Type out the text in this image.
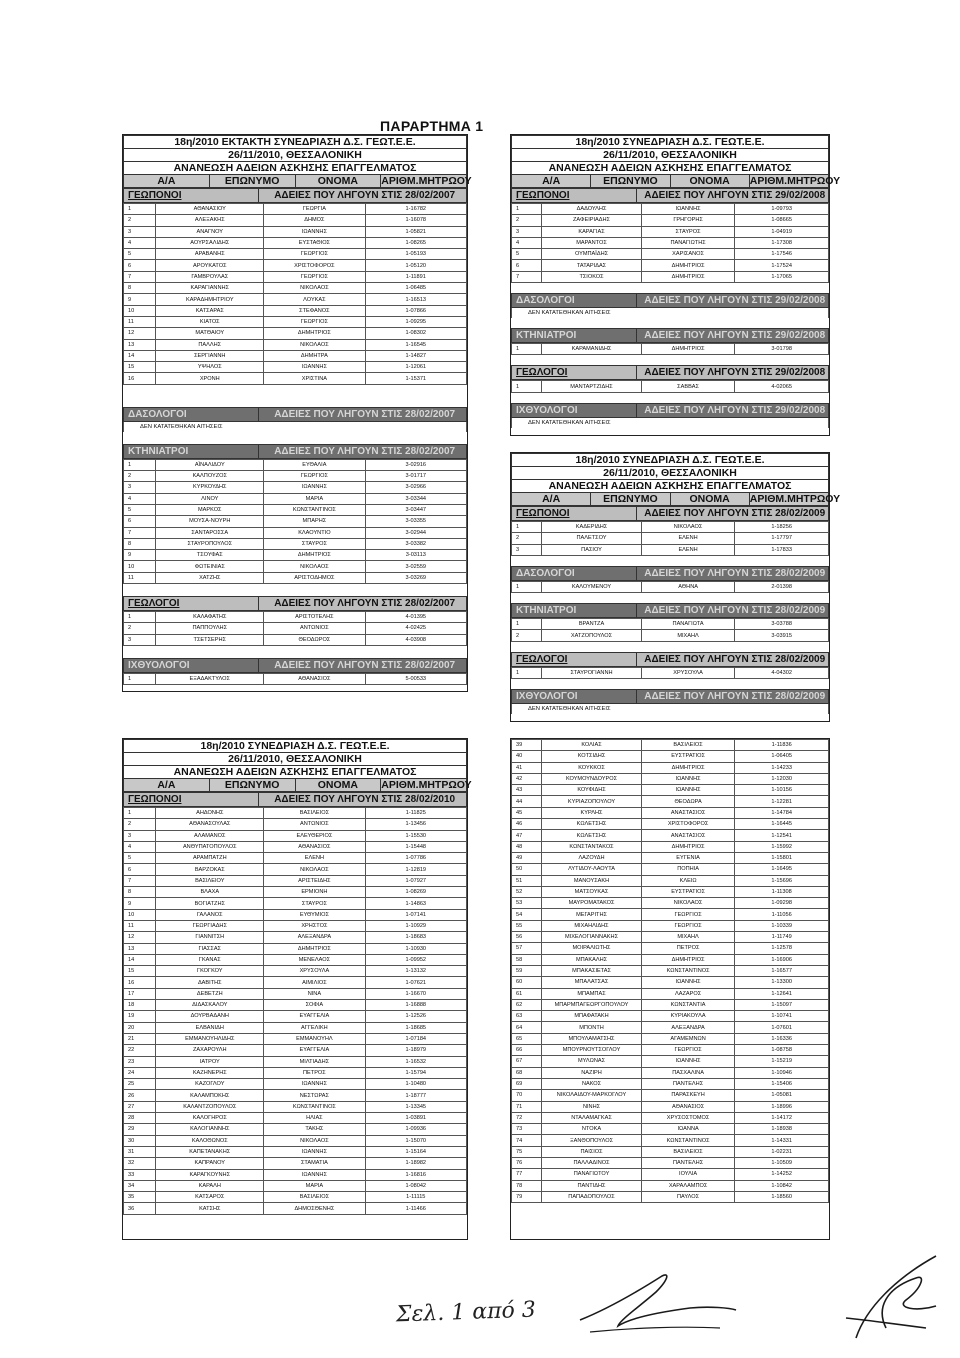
ΠΑΡΑΡΤΗΜΑ 1
18η/2010 ΕΚΤΑΚΤΗ ΣΥΝΕΔΡΙΑΣΗ Δ.Σ. ΓΕΩΤ.Ε.Ε.
26/11/2010, ΘΕΣΣΑΛΟΝΙΚΗ
ΑΝΑΝΕΩΣΗ ΑΔΕΙΩΝ ΑΣΚΗΣΗΣ ΕΠΑΓΓΕΛΜΑΤΟΣ
A/A	ΕΠΩΝΥΜΟ	ΟΝΟΜΑ	ΑΡΙΘΜ.ΜΗΤΡΩΟΥ
ΓΕΩΠΟΝΟΙ	ΑΔΕΙΕΣ ΠΟΥ ΛΗΓΟΥΝ ΣΤΙΣ 28/02/2007
1	ΑΘΑΝΑΣΙΟΥ	ΓΕΩΡΓΙΑ	1-16782
2	ΑΛΕΞΑΚΗΣ	ΔΗΜΟΣ	1-16078
3	ΑΝΑΓΝΟΥ	ΙΩΑΝΝΗΣ	1-05821
4	ΑΟΥΡΣΑΛΙΔΗΣ	ΕΥΣΤΑΘΙΟΣ	1-08265
5	ΑΡΑΒΑΝΗΣ	ΓΕΩΡΓΙΟΣ	1-05193
6	ΑΡΟΥΚΑΤΟΣ	ΧΡΙΣΤΟΦΟΡΟΣ	1-05120
7	ΓΑΜΒΡΟΥΛΑΣ	ΓΕΩΡΓΙΟΣ	1-11891
8	ΚΑΡΑΓΙΑΝΝΗΣ	ΝΙΚΟΛΑΟΣ	1-06485
9	ΚΑΡΑΔΗΜΗΤΡΙΟΥ	ΛΟΥΚΑΣ	1-16513
10	ΚΑΤΣΑΡΑΣ	ΣΤΕΦΑΝΟΣ	1-07866
11	ΚΙΑΤΟΣ	ΓΕΩΡΓΙΟΣ	1-09295
12	ΜΑΤΘΑΙΟΥ	ΔΗΜΗΤΡΙΟΣ	1-08302
13	ΠΑΛΛΗΣ	ΝΙΚΟΛΑΟΣ	1-16545
14	ΣΕΡΓΙΑΝΝΗ	ΔΗΜΗΤΡΑ	1-14827
15	ΥΨΗΛΟΣ	ΙΩΑΝΝΗΣ	1-12061
16	ΧΡΟΝΗ	ΧΡΙΣΤΙΝΑ	1-15371
ΔΑΣΟΛΟΓΟΙ	ΑΔΕΙΕΣ ΠΟΥ ΛΗΓΟΥΝ ΣΤΙΣ 28/02/2007
ΔΕΝ ΚΑΤΑΤΕΘΗΚΑΝ ΑΙΤΗΣΕΙΣ
ΚΤΗΝΙΑΤΡΟΙ	ΑΔΕΙΕΣ ΠΟΥ ΛΗΓΟΥΝ ΣΤΙΣ 28/02/2007
1	ΑΪΝΑΛΙΔΟΥ	ΕΥΘΑΛΙΑ	3-02916
2	ΚΑΛΠΟΥΖΟΣ	ΓΕΩΡΓΙΟΣ	3-01717
3	ΚΥΡΚΟΥΔΗΣ	ΙΩΑΝΝΗΣ	3-02966
4	ΛΙΝΟΥ	ΜΑΡΙΑ	3-03344
5	ΜΑΡΚΟΣ	ΚΩΝΣΤΑΝΤΙΝΟΣ	3-03447
6	ΜΟΥΣΑ-ΝΟΥΡΗ	ΜΠΑΡΗΣ	3-03355
7	ΣΑΝΤΑΡΟΣΣΑ	ΚΛΑΟΥΝΤΙΟ	3-02944
8	ΣΤΑΥΡΟΠΟΥΛΟΣ	ΣΤΑΥΡΟΣ	3-03382
9	ΤΣΟΥΦΑΣ	ΔΗΜΗΤΡΙΟΣ	3-03113
10	ΦΩΤΕΙΝΙΑΣ	ΝΙΚΟΛΑΟΣ	3-02559
11	ΧΑΤΖΗΣ	ΑΡΙΣΤΟΔΗΜΟΣ	3-03269
ΓΕΩΛΟΓΟΙ	ΑΔΕΙΕΣ ΠΟΥ ΛΗΓΟΥΝ ΣΤΙΣ 28/02/2007
1	ΚΑΛΑΦΑΤΗΣ	ΑΡΙΣΤΟΤΕΛΗΣ	4-01395
2	ΠΑΠΠΟΥΛΗΣ	ΑΝΤΩΝΙΟΣ	4-02425
3	ΤΣΕΤΣΕΡΗΣ	ΘΕΟΔΩΡΟΣ	4-03908
ΙΧΘΥΟΛΟΓΟΙ	ΑΔΕΙΕΣ ΠΟΥ ΛΗΓΟΥΝ ΣΤΙΣ 28/02/2007
1	ΕΞΑΔΑΚΤΥΛΟΣ	ΑΘΑΝΑΣΙΟΣ	5-00533
18η/2010 ΣΥΝΕΔΡΙΑΣΗ Δ.Σ. ΓΕΩΤ.Ε.Ε.
26/11/2010, ΘΕΣΣΑΛΟΝΙΚΗ
ΑΝΑΝΕΩΣΗ ΑΔΕΙΩΝ ΑΣΚΗΣΗΣ ΕΠΑΓΓΕΛΜΑΤΟΣ
A/A	ΕΠΩΝΥΜΟ	ΟΝΟΜΑ	ΑΡΙΘΜ.ΜΗΤΡΩΟΥ
ΓΕΩΠΟΝΟΙ	ΑΔΕΙΕΣ ΠΟΥ ΛΗΓΟΥΝ ΣΤΙΣ 29/02/2008
1	ΔΑΔΟΥΛΗΣ	ΙΩΑΝΝΗΣ	1-09793
2	ΖΑΦΕΙΡΙΑΔΗΣ	ΓΡΗΓΟΡΗΣ	1-08665
3	ΚΑΡΑΓΙΑΣ	ΣΤΑΥΡΟΣ	1-04919
4	ΜΑΡΑΝΤΟΣ	ΠΑΝΑΓΙΩΤΗΣ	1-17308
5	ΟΥΜΠΑΪΔΗΣ	ΧΑΡΙΣΑΝΟΣ	1-17546
6	ΤΑΤΑΡΙΔΑΣ	ΔΗΜΗΤΡΙΟΣ	1-17524
7	ΤΣΙΟΚΟΣ	ΔΗΜΗΤΡΙΟΣ	1-17065
ΔΑΣΟΛΟΓΟΙ	ΑΔΕΙΕΣ ΠΟΥ ΛΗΓΟΥΝ ΣΤΙΣ 29/02/2008
ΔΕΝ ΚΑΤΑΤΕΘΗΚΑΝ ΑΙΤΗΣΕΙΣ
ΚΤΗΝΙΑΤΡΟΙ	ΑΔΕΙΕΣ ΠΟΥ ΛΗΓΟΥΝ ΣΤΙΣ 29/02/2008
1	ΚΑΡΑΜΑΝΙΔΗΣ	ΔΗΜΗΤΡΙΟΣ	3-01798
ΓΕΩΛΟΓΟΙ	ΑΔΕΙΕΣ ΠΟΥ ΛΗΓΟΥΝ ΣΤΙΣ 29/02/2008
1	ΜΑΝΤΑΡΤΖΙΔΗΣ	ΣΑΒΒΑΣ	4-02065
ΙΧΘΥΟΛΟΓΟΙ	ΑΔΕΙΕΣ ΠΟΥ ΛΗΓΟΥΝ ΣΤΙΣ 29/02/2008
ΔΕΝ ΚΑΤΑΤΕΘΗΚΑΝ ΑΙΤΗΣΕΙΣ
18η/2010 ΣΥΝΕΔΡΙΑΣΗ Δ.Σ. ΓΕΩΤ.Ε.Ε.
26/11/2010, ΘΕΣΣΑΛΟΝΙΚΗ
ΑΝΑΝΕΩΣΗ ΑΔΕΙΩΝ ΑΣΚΗΣΗΣ ΕΠΑΓΓΕΛΜΑΤΟΣ
A/A	ΕΠΩΝΥΜΟ	ΟΝΟΜΑ	ΑΡΙΘΜ.ΜΗΤΡΩΟΥ
ΓΕΩΠΟΝΟΙ	ΑΔΕΙΕΣ ΠΟΥ ΛΗΓΟΥΝ ΣΤΙΣ 28/02/2009
1	ΚΑΔΕΡΙΔΗΣ	ΝΙΚΟΛΑΟΣ	1-18256
2	ΠΑΛΕΤΣΟΥ	ΕΛΕΝΗ	1-17797
3	ΠΑΣΙΟΥ	ΕΛΕΝΗ	1-17833
ΔΑΣΟΛΟΓΟΙ	ΑΔΕΙΕΣ ΠΟΥ ΛΗΓΟΥΝ ΣΤΙΣ 28/02/2009
1	ΚΑΛΟΥΜΕΝΟΥ	ΑΘΗΝΑ	2-01398
ΚΤΗΝΙΑΤΡΟΙ	ΑΔΕΙΕΣ ΠΟΥ ΛΗΓΟΥΝ ΣΤΙΣ 28/02/2009
1	ΒΡΑΝΤΖΑ	ΠΑΝΑΓΙΩΤΑ	3-03788
2	ΧΑΤΖΟΠΟΥΛΟΣ	ΜΙΧΑΗΛ	3-03915
ΓΕΩΛΟΓΟΙ	ΑΔΕΙΕΣ ΠΟΥ ΛΗΓΟΥΝ ΣΤΙΣ 28/02/2009
1	ΣΤΑΥΡΟΓΙΑΝΝΗ	ΧΡΥΣΟΥΛΑ	4-04302
ΙΧΘΥΟΛΟΓΟΙ	ΑΔΕΙΕΣ ΠΟΥ ΛΗΓΟΥΝ ΣΤΙΣ 28/02/2009
ΔΕΝ ΚΑΤΑΤΕΘΗΚΑΝ ΑΙΤΗΣΕΙΣ
18η/2010 ΣΥΝΕΔΡΙΑΣΗ Δ.Σ. ΓΕΩΤ.Ε.Ε.
26/11/2010, ΘΕΣΣΑΛΟΝΙΚΗ
ΑΝΑΝΕΩΣΗ ΑΔΕΙΩΝ ΑΣΚΗΣΗΣ ΕΠΑΓΓΕΛΜΑΤΟΣ
A/A	ΕΠΩΝΥΜΟ	ΟΝΟΜΑ	ΑΡΙΘΜ.ΜΗΤΡΩΟΥ
ΓΕΩΠΟΝΟΙ	ΑΔΕΙΕΣ ΠΟΥ ΛΗΓΟΥΝ ΣΤΙΣ 28/02/2010
1	ΑΗΔΟΝΗΣ	ΒΑΣΙΛΕΙΟΣ	1-11825
2	ΑΘΑΝΑΣΟΥΛΑΣ	ΑΝΤΩΝΙΟΣ	1-13456
3	ΑΛΑΜΑΝΟΣ	ΕΛΕΥΘΕΡΙΟΣ	1-15530
4	ΑΝΘΥΠΑΤΟΠΟΥΛΟΣ	ΑΘΑΝΑΣΙΟΣ	1-15448
5	ΑΡΑΜΠΑΤΖΗ	ΕΛΕΝΗ	1-07786
6	ΒΑΡΖΟΚΑΣ	ΝΙΚΟΛΑΟΣ	1-12819
7	ΒΑΣΙΛΕΙΟΥ	ΑΡΙΣΤΕΙΔΗΣ	1-07927
8	ΒΛΑΧΑ	ΕΡΜΙΟΝΗ	1-08269
9	ΒΟΓΙΑΤΖΗΣ	ΣΤΑΥΡΟΣ	1-14863
10	ΓΑΛΑΝΟΣ	ΕΥΘΥΜΙΟΣ	1-07141
11	ΓΕΩΡΓΙΑΔΗΣ	ΧΡΗΣΤΟΣ	1-10929
12	ΓΙΑΝΝΙΤΣΗ	ΑΛΕΞΑΝΔΡΑ	1-18683
13	ΓΙΑΣΣΑΣ	ΔΗΜΗΤΡΙΟΣ	1-10930
14	ΓΚΑΝΑΣ	ΜΕΝΕΛΑΟΣ	1-09952
15	ΓΚΟΓΚΟΥ	ΧΡΥΣΟΥΛΑ	1-13132
16	ΔΑΒΙΤΗΣ	ΑΙΜΙΛΙΟΣ	1-07621
17	ΔΕΒΕΤΖΗ	ΝΙΝΑ	1-16670
18	ΔΙΔΑΣΚΑΛΟΥ	ΣΟΦΙΑ	1-16888
19	ΔΟΥΡΒΑΔΑΝΗ	ΕΥΑΓΓΕΛΙΑ	1-12526
20	ΕΛΒΑΝΙΔΗ	ΑΓΓΕΛΙΚΗ	1-18685
21	ΕΜΜΑΝΟΥΗΛΙΔΗΣ	ΕΜΜΑΝΟΥΗΛ	1-07184
22	ΖΑΧΑΡΟΥΛΗ	ΕΥΑΓΓΕΛΙΑ	1-18979
23	ΙΑΤΡΟΥ	ΜΙΛΤΙΑΔΗΣ	1-16532
24	ΚΑΖΗΝΕΡΗΣ	ΠΕΤΡΟΣ	1-15794
25	ΚΑΖΟΓΛΟΥ	ΙΩΑΝΝΗΣ	1-10480
26	ΚΑΛΑΜΠΟΚΗΣ	ΝΕΣΤΩΡΑΣ	1-18777
27	ΚΑΛΑΝΤΖΟΠΟΥΛΟΣ	ΚΩΝΣΤΑΝΤΙΝΟΣ	1-13345
28	ΚΑΛΟΓΗΡΟΣ	ΗΛΙΑΣ	1-03891
29	ΚΑΛΟΓΙΑΝΝΗΣ	ΤΑΚΗΣ	1-09936
30	ΚΑΛΟΘΩΝΟΣ	ΝΙΚΟΛΑΟΣ	1-15070
31	ΚΑΠΕΤΑΝΑΚΗΣ	ΙΩΑΝΝΗΣ	1-15164
32	ΚΑΠΡΑΝΟΥ	ΣΤΑΜΑΤΙΑ	1-18982
33	ΚΑΡΑΓΚΟΥΝΗΣ	ΙΩΑΝΝΗΣ	1-16816
34	ΚΑΡΑΛΗ	ΜΑΡΙΑ	1-08042
35	ΚΑΤΣΑΡΟΣ	ΒΑΣΙΛΕΙΟΣ	1-11115
36	ΚΑΤΣΗΣ	ΔΗΜΟΣΘΕΝΗΣ	1-11466
39	ΚΟΛΙΑΣ	ΒΑΣΙΛΕΙΟΣ	1-11836
40	ΚΟΤΣΙΔΗΣ	ΕΥΣΤΡΑΤΙΟΣ	1-06405
41	ΚΟΥΚΚΟΣ	ΔΗΜΗΤΡΙΟΣ	1-14233
42	ΚΟΥΜΟΥΝΔΟΥΡΟΣ	ΙΩΑΝΝΗΣ	1-12030
43	ΚΟΥΦΙΔΗΣ	ΙΩΑΝΝΗΣ	1-10156
44	ΚΥΡΙΑΖΟΠΟΥΛΟΥ	ΘΕΟΔΩΡΑ	1-12281
45	ΚΥΡΛΗΣ	ΑΝΑΣΤΑΣΙΟΣ	1-14784
46	ΚΩΛΕΤΣΗΣ	ΧΡΙΣΤΟΦΟΡΟΣ	1-16445
47	ΚΩΛΕΤΣΗΣ	ΑΝΑΣΤΑΣΙΟΣ	1-12541
48	ΚΩΝΣΤΑΝΤΑΚΟΣ	ΔΗΜΗΤΡΙΟΣ	1-15992
49	ΛΑΖΟΥΔΗ	ΕΥΓΕΝΙΑ	1-15801
50	ΛΥΤΙΔΟΥ-ΛΑΟΥΤΑ	ΠΟΠΗΙΑ	1-16495
51	ΜΑΝΟΥΣΑΚΗ	ΚΛΕΙΩ	1-15696
52	ΜΑΤΣΟΥΚΑΣ	ΕΥΣΤΡΑΤΙΟΣ	1-11308
53	ΜΑΥΡΟΜΑΤΑΚΟΣ	ΝΙΚΟΛΑΟΣ	1-09298
54	ΜΕΓΑΡΙΤΗΣ	ΓΕΩΡΓΙΟΣ	1-11056
55	ΜΙΧΑΗΛΙΔΗΣ	ΓΕΩΡΓΙΟΣ	1-10339
56	ΜΙΧΕΛΟΓΙΑΝΝΑΚΗΣ	ΜΙΧΑΗΛ	1-11749
57	ΜΟΙΡΑΛΙΩΤΗΣ	ΠΕΤΡΟΣ	1-12578
58	ΜΠΑΚΑΛΗΣ	ΔΗΜΗΤΡΙΟΣ	1-16906
59	ΜΠΑΚΑΣΙΕΤΑΣ	ΚΩΝΣΤΑΝΤΙΝΟΣ	1-16577
60	ΜΠΑΛΑΤΣΑΣ	ΙΩΑΝΝΗΣ	1-13300
61	ΜΠΑΜΠΑΣ	ΛΑΖΑΡΟΣ	1-12641
62	ΜΠΑΡΜΠΑΓΕΩΡΓΟΠΟΥΛΟΥ	ΚΩΝΣΤΑΝΤΙΑ	1-15097
63	ΜΠΑΦΑΤΑΚΗ	ΚΥΡΙΑΚΟΥΛΑ	1-10741
64	ΜΠΟΝΤΗ	ΑΛΕΞΑΝΔΡΑ	1-07601
65	ΜΠΟΥΛΑΜΑΤΣΗΣ	ΑΓΑΜΕΜΝΩΝ	1-16336
66	ΜΠΟΥΡΝΟΥΤΣΟΓΛΟΥ	ΓΕΩΡΓΙΟΣ	1-08758
67	ΜΥΛΩΝΑΣ	ΙΩΑΝΝΗΣ	1-15219
68	ΝΑΖΙΡΗ	ΠΑΣΧΑΛΙΝΑ	1-10946
69	ΝΑΚΟΣ	ΠΑΝΤΕΛΗΣ	1-15406
70	ΝΙΚΟΛΑΙΔΟΥ-ΜΑΡΚΟΓΛΟΥ	ΠΑΡΑΣΚΕΥΗ	1-05081
71	ΝΙΝΗΣ	ΑΘΑΝΑΣΙΟΣ	1-18996
72	ΝΤΑΛΑΜΑΓΚΑΣ	ΧΡΥΣΟΣΤΟΜΟΣ	1-14172
73	ΝΤΟΚΑ	ΙΩΑΝΝΑ	1-18938
74	ΞΑΝΘΟΠΟΥΛΟΣ	ΚΩΝΣΤΑΝΤΙΝΟΣ	1-14331
75	ΠΑΙΣΙΟΣ	ΒΑΣΙΛΕΙΟΣ	1-02231
76	ΠΑΛΛΑΔΙΝΟΣ	ΠΑΝΤΕΛΗΣ	1-10509
77	ΠΑΝΑΓΙΩΤΟΥ	ΙΟΥΛΙΑ	1-14252
78	ΠΑΝΤΙΔΗΣ	ΧΑΡΑΛΑΜΠΟΣ	1-10842
79	ΠΑΠΑΔΟΠΟΥΛΟΣ	ΠΑΥΛΟΣ	1-18560
Σελ. 1 από 3
